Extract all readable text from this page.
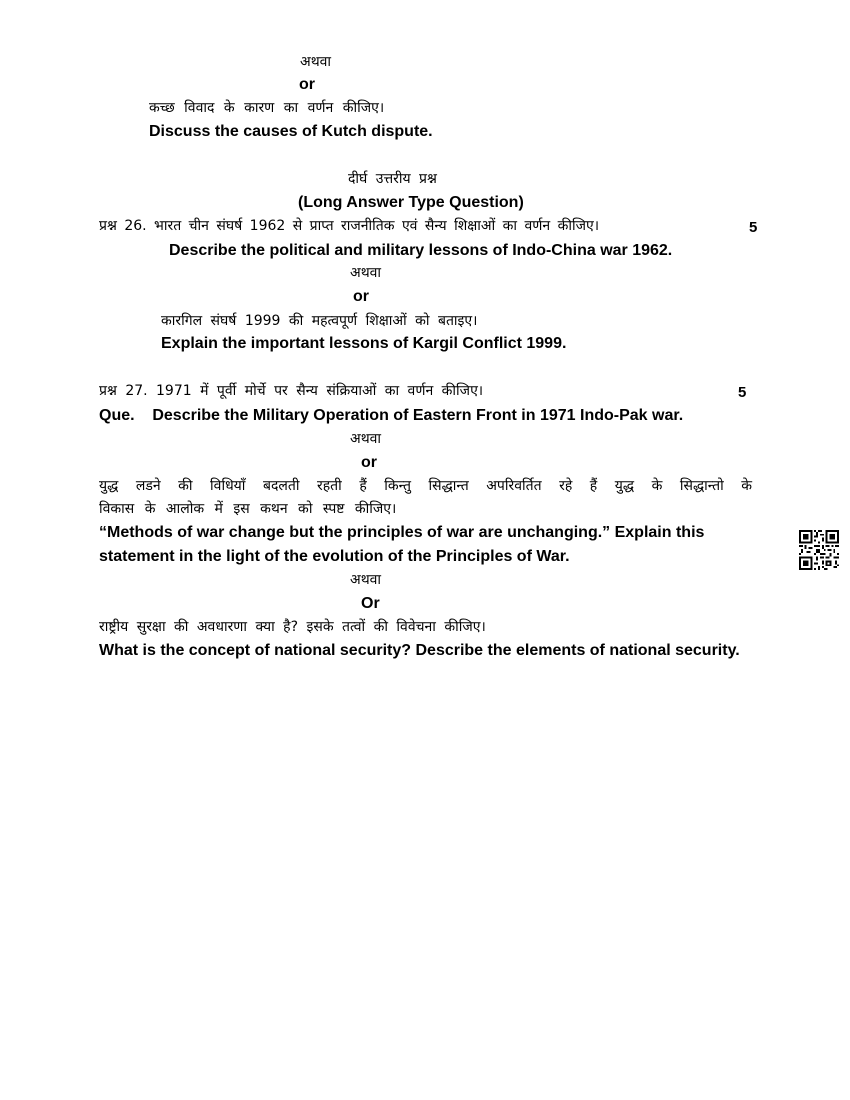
अथवा
or
कच्छ विवाद के कारण का वर्णन कीजिए।
Discuss the causes of Kutch dispute.
दीर्घ उत्तरीय प्रश्न
(Long Answer Type Question)
प्रश्न 26. भारत चीन संघर्ष 1962 से प्राप्त राजनीतिक एवं सैन्य शिक्षाओं का वर्णन कीजिए।	5
Describe the political and military lessons of Indo-China war 1962.
अथवा
or
कारगिल संघर्ष 1999 की महत्वपूर्ण शिक्षाओं को बताइए।
Explain the important lessons of Kargil Conflict 1999.
प्रश्न 27. 1971 में पूर्वी मोर्चे पर सैन्य संक्रियाओं का वर्णन कीजिए।	5
Que.    Describe the Military Operation of Eastern Front in 1971 Indo-Pak war.
अथवा
or
युद्ध लडने की विधियाँ बदलती रहती हैं किन्तु सिद्धान्त अपरिवर्तित रहे हैं युद्ध के सिद्धान्तो के
विकास के आलोक में इस कथन को स्पष्ट कीजिए।
“Methods of war change but the principles of war are unchanging.” Explain this
statement in the light of the evolution of the Principles of War.
अथवा
Or
राष्ट्रीय सुरक्षा की अवधारणा क्या है? इसके तत्वों की विवेचना कीजिए।
What is the concept of national security? Describe the elements of national security.
